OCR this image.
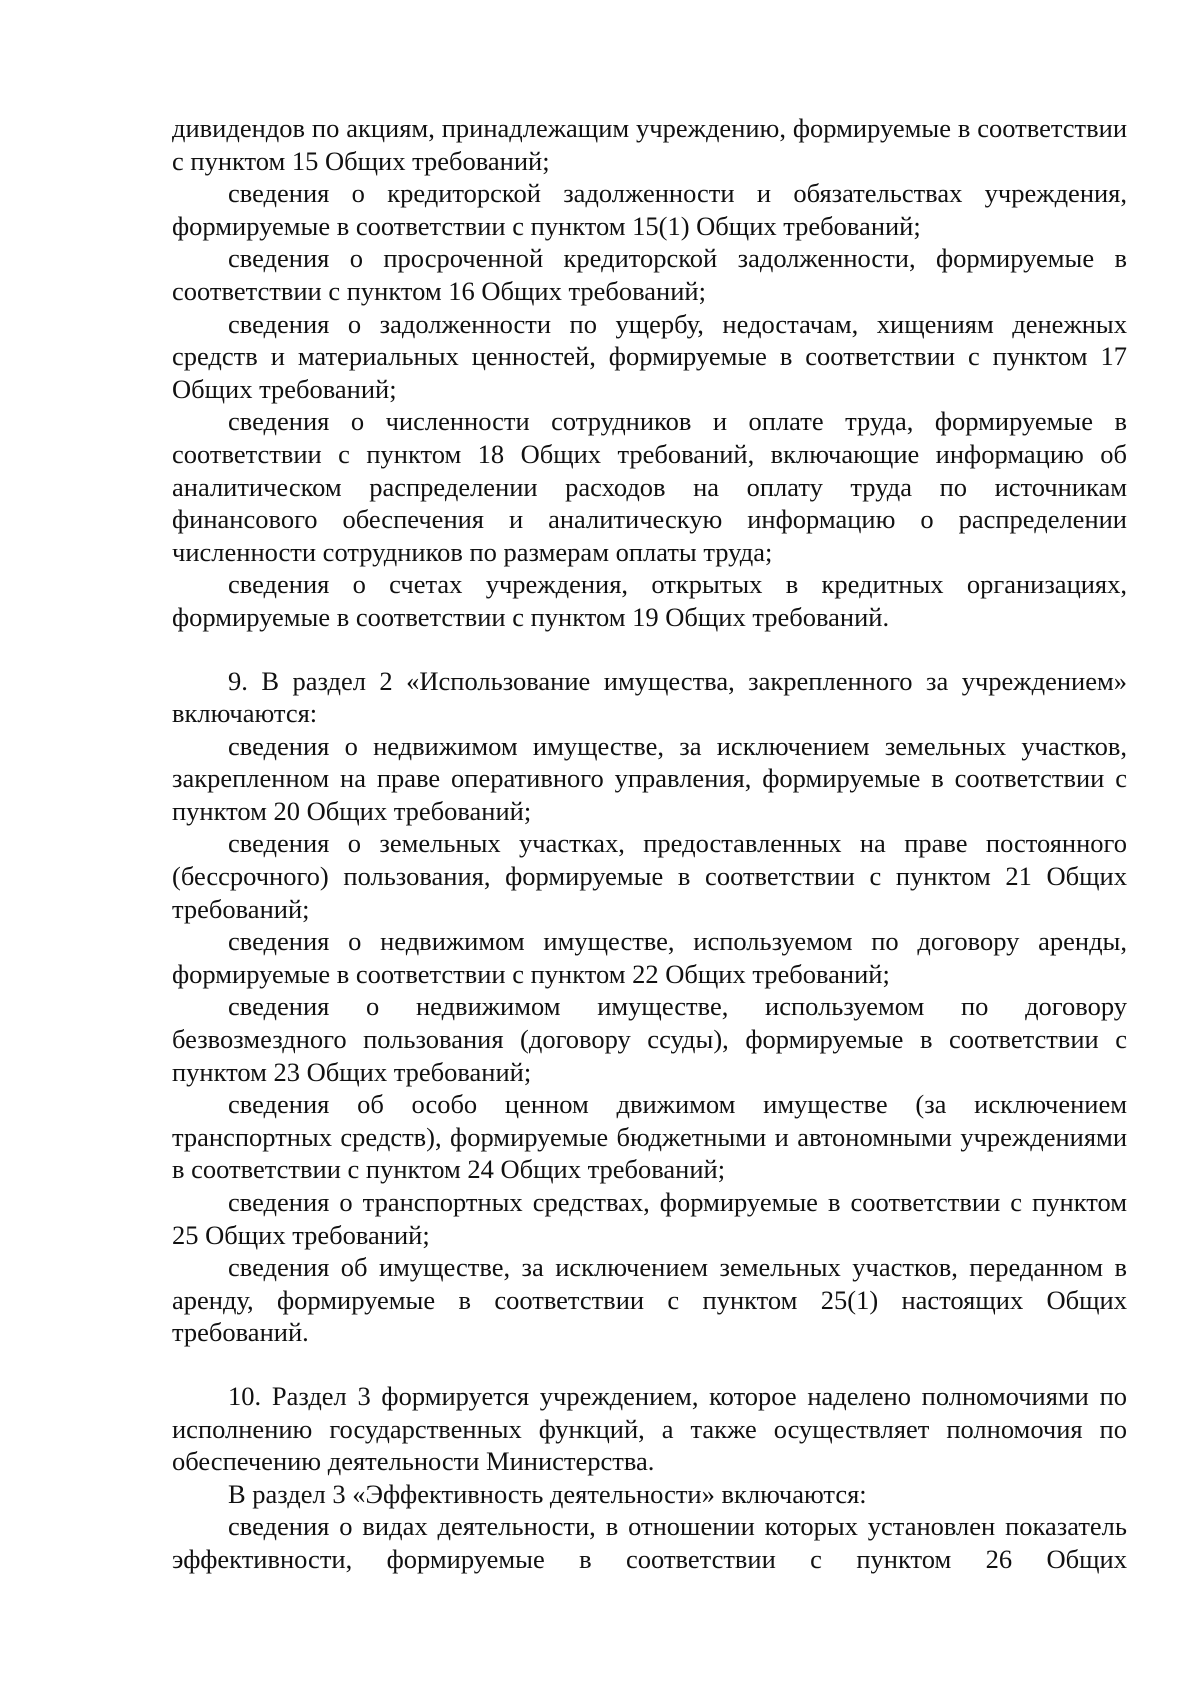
дивидендов по акциям, принадлежащим учреждению, формируемые в соответствии с пунктом 15 Общих требований;

сведения о кредиторской задолженности и обязательствах учреждения, формируемые в соответствии с пунктом 15(1) Общих требований;

сведения о просроченной кредиторской задолженности, формируемые в соответствии с пунктом 16 Общих требований;

сведения о задолженности по ущербу, недостачам, хищениям денежных средств и материальных ценностей, формируемые в соответствии с пунктом 17 Общих требований;

сведения о численности сотрудников и оплате труда, формируемые в соответствии с пунктом 18 Общих требований, включающие информацию об аналитическом распределении расходов на оплату труда по источникам финансового обеспечения и аналитическую информацию о распределении численности сотрудников по размерам оплаты труда;

сведения о счетах учреждения, открытых в кредитных организациях, формируемые в соответствии с пунктом 19 Общих требований.

9. В раздел 2 «Использование имущества, закрепленного за учреждением» включаются:

сведения о недвижимом имуществе, за исключением земельных участков, закрепленном на праве оперативного управления, формируемые в соответствии с пунктом 20 Общих требований;

сведения о земельных участках, предоставленных на праве постоянного (бессрочного) пользования, формируемые в соответствии с пунктом 21 Общих требований;

сведения о недвижимом имуществе, используемом по договору аренды, формируемые в соответствии с пунктом 22 Общих требований;

сведения о недвижимом имуществе, используемом по договору безвозмездного пользования (договору ссуды), формируемые в соответствии с пунктом 23 Общих требований;

сведения об особо ценном движимом имуществе (за исключением транспортных средств), формируемые бюджетными и автономными учреждениями в соответствии с пунктом 24 Общих требований;

сведения о транспортных средствах, формируемые в соответствии с пунктом 25 Общих требований;

сведения об имуществе, за исключением земельных участков, переданном в аренду, формируемые в соответствии с пунктом 25(1) настоящих Общих требований.

10. Раздел 3 формируется учреждением, которое наделено полномочиями по исполнению государственных функций, а также осуществляет полномочия по обеспечению деятельности Министерства.

В раздел 3 «Эффективность деятельности» включаются:

сведения о видах деятельности, в отношении которых установлен показатель эффективности, формируемые в соответствии с пунктом 26 Общих
